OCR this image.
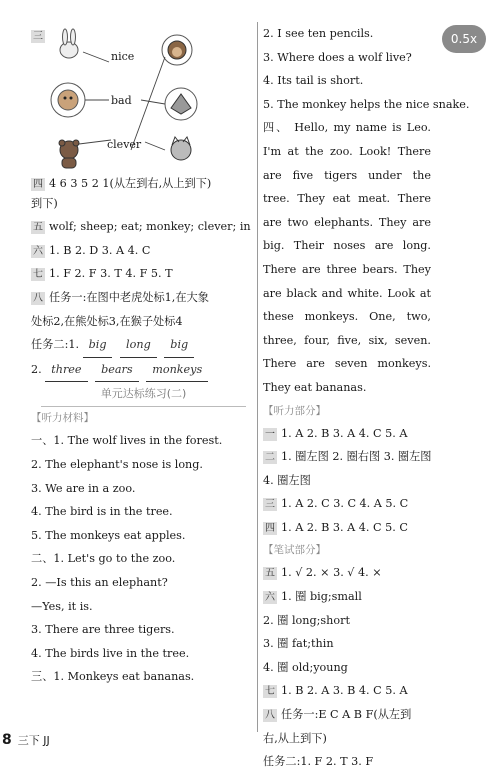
0.5x
三
nice
bad
clever
四 4 6 3 5 2 1(从左到右,从上到下)
到下)
五 wolf; sheep; eat; monkey; clever; in
六 1. B 2. D 3. A 4. C
七 1. F 2. F 3. T 4. F 5. T
八 任务一:在图中老虎处标1,在大象
处标2,在熊处标3,在猴子处标4
任务二:1. big long big
2. three bears monkeys
单元达标练习(二)
【听力材料】
一、1. The wolf lives in the forest.
2. The elephant's nose is long.
3. We are in a zoo.
4. The bird is in the tree.
5. The monkeys eat apples.
二、1. Let's go to the zoo.
2. —Is this an elephant?
—Yes, it is.
3. There are three tigers.
4. The birds live in the tree.
三、1. Monkeys eat bananas.
2. I see ten pencils.
3. Where does a wolf live?
4. Its tail is short.
5. The monkey helps the nice snake.
四、 Hello, my name is Leo. I'm at the zoo. Look! There are five tigers under the tree. They eat meat. There are two elephants. They are big. Their noses are long. There are three bears. They are black and white. Look at these monkeys. One, two, three, four, five, six, seven. There are seven monkeys. They eat bananas.
【听力部分】
一 1. A 2. B 3. A 4. C 5. A
二 1. 圈左图 2. 圈右图 3. 圈左图
4. 圈左图
三 1. A 2. C 3. C 4. A 5. C
四 1. A 2. B 3. A 4. C 5. C
【笔试部分】
五 1. √ 2. × 3. √ 4. ×
六 1. 圈 big;small
2. 圈 long;short
3. 圈 fat;thin
4. 圈 old;young
七 1. B 2. A 3. B 4. C 5. A
八 任务一:E C A B F(从左到
右,从上到下)
任务二:1. F 2. T 3. F
8 三下 JJ
